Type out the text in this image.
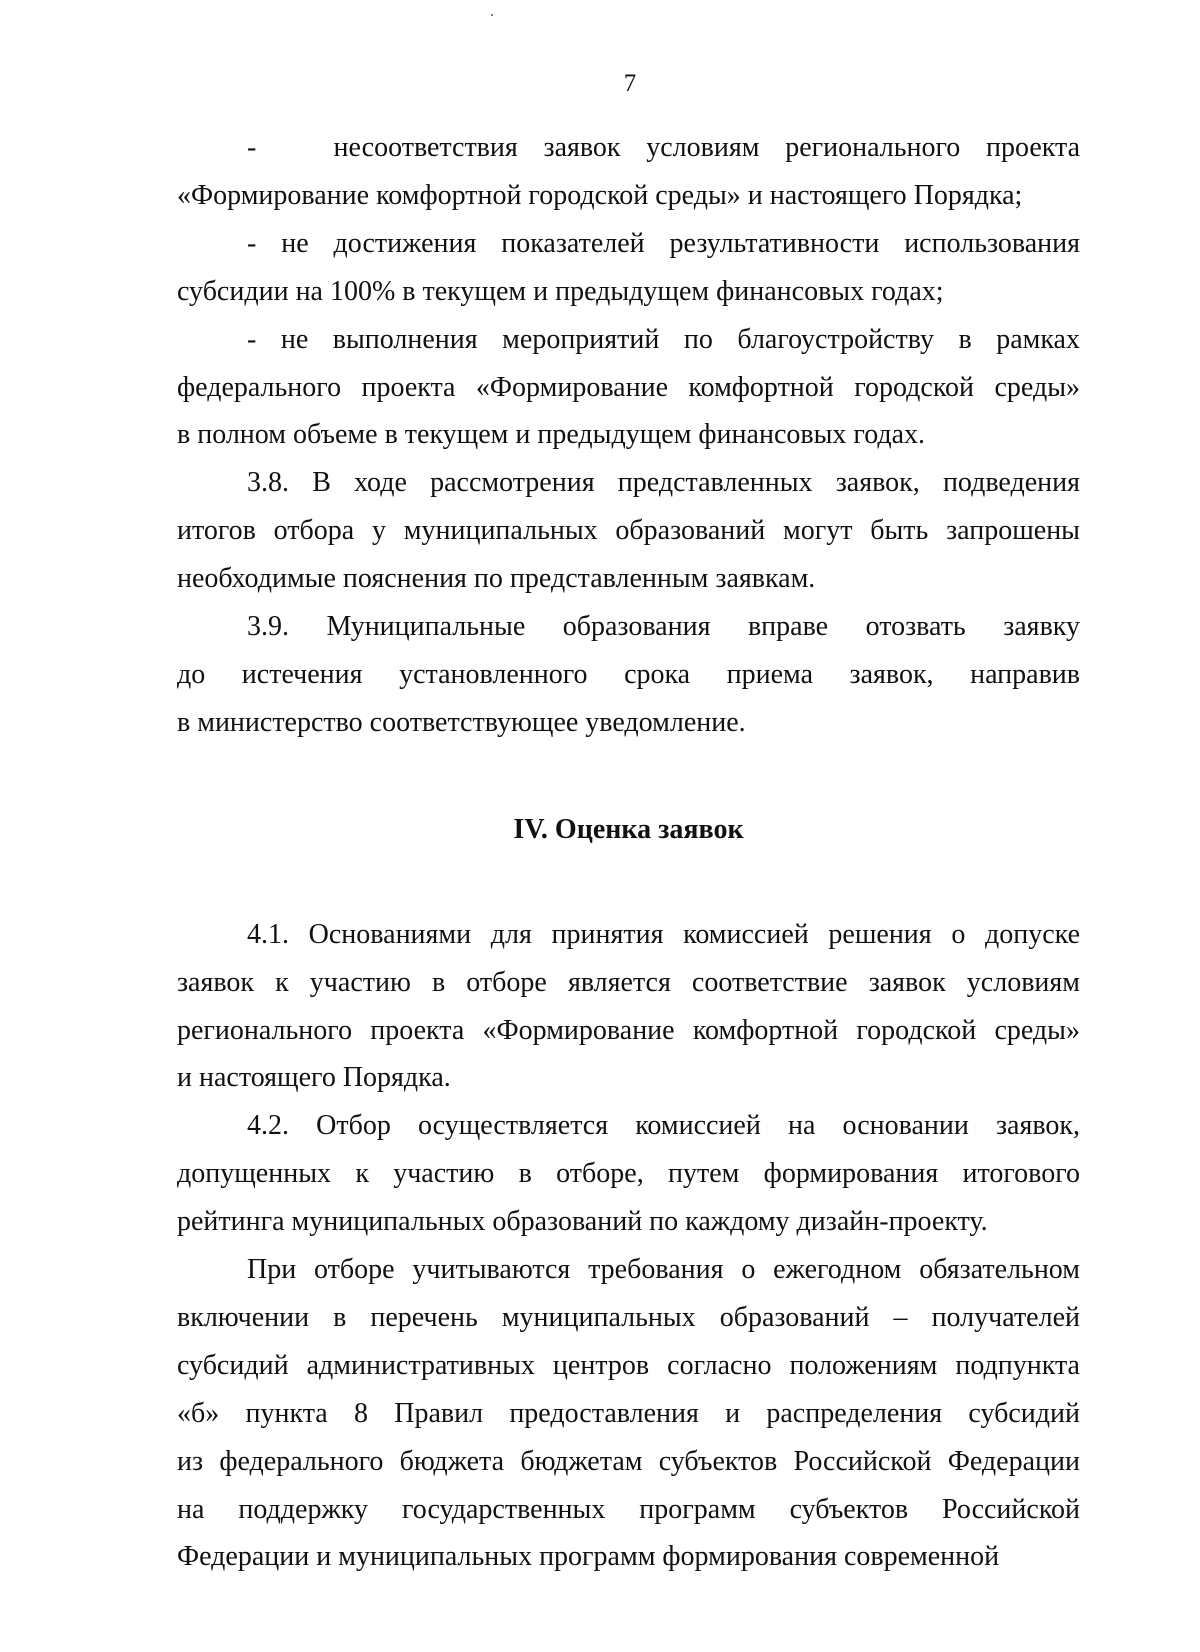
7
-   несоответствия заявок условиям регионального проекта
«Формирование комфортной городской среды» и настоящего Порядка;
- не достижения показателей результативности использования
субсидии на 100% в текущем и предыдущем финансовых годах;
- не выполнения мероприятий по благоустройству в рамках
федерального проекта «Формирование комфортной городской среды»
в полном объеме в текущем и предыдущем финансовых годах.
3.8. В ходе рассмотрения представленных заявок, подведения
итогов отбора у муниципальных образований могут быть запрошены
необходимые пояснения по представленным заявкам.
3.9. Муниципальные образования вправе отозвать заявку
до истечения установленного срока приема заявок, направив
в министерство соответствующее уведомление.
IV. Оценка заявок
4.1. Основаниями для принятия комиссией решения о допуске
заявок к участию в отборе является соответствие заявок условиям
регионального проекта «Формирование комфортной городской среды»
и настоящего Порядка.
4.2. Отбор осуществляется комиссией на основании заявок,
допущенных к участию в отборе, путем формирования итогового
рейтинга муниципальных образований по каждому дизайн-проекту.
При отборе учитываются требования о ежегодном обязательном
включении в перечень муниципальных образований – получателей
субсидий административных центров согласно положениям подпункта
«б» пункта 8 Правил предоставления и распределения субсидий
из федерального бюджета бюджетам субъектов Российской Федерации
на поддержку государственных программ субъектов Российской
Федерации и муниципальных программ формирования современной
